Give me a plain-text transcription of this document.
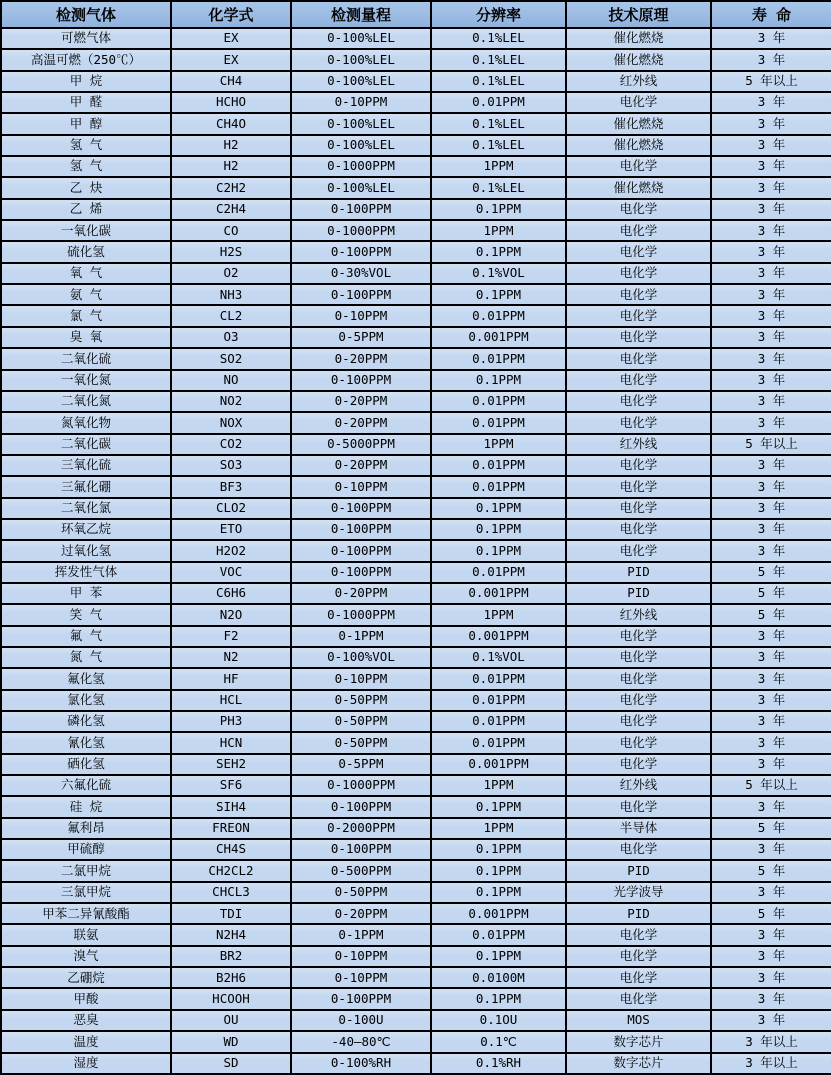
检测气体	化学式	检测量程	分辨率	技术原理	寿 命
可燃气体	EX	0-100%LEL	0.1%LEL	催化燃烧	3 年
高温可燃（250℃）	EX	0-100%LEL	0.1%LEL	催化燃烧	3 年
甲 烷	CH4	0-100%LEL	0.1%LEL	红外线	5 年以上
甲 醛	HCHO	0-10PPM	0.01PPM	电化学	3 年
甲 醇	CH4O	0-100%LEL	0.1%LEL	催化燃烧	3 年
氢 气	H2	0-100%LEL	0.1%LEL	催化燃烧	3 年
氢 气	H2	0-1000PPM	1PPM	电化学	3 年
乙 炔	C2H2	0-100%LEL	0.1%LEL	催化燃烧	3 年
乙 烯	C2H4	0-100PPM	0.1PPM	电化学	3 年
一氧化碳	CO	0-1000PPM	1PPM	电化学	3 年
硫化氢	H2S	0-100PPM	0.1PPM	电化学	3 年
氧 气	O2	0-30%VOL	0.1%VOL	电化学	3 年
氨 气	NH3	0-100PPM	0.1PPM	电化学	3 年
氯 气	CL2	0-10PPM	0.01PPM	电化学	3 年
臭 氧	O3	0-5PPM	0.001PPM	电化学	3 年
二氧化硫	SO2	0-20PPM	0.01PPM	电化学	3 年
一氧化氮	NO	0-100PPM	0.1PPM	电化学	3 年
二氧化氮	NO2	0-20PPM	0.01PPM	电化学	3 年
氮氧化物	NOX	0-20PPM	0.01PPM	电化学	3 年
二氧化碳	CO2	0-5000PPM	1PPM	红外线	5 年以上
三氧化硫	SO3	0-20PPM	0.01PPM	电化学	3 年
三氟化硼	BF3	0-10PPM	0.01PPM	电化学	3 年
二氧化氯	CLO2	0-100PPM	0.1PPM	电化学	3 年
环氧乙烷	ETO	0-100PPM	0.1PPM	电化学	3 年
过氧化氢	H2O2	0-100PPM	0.1PPM	电化学	3 年
挥发性气体	VOC	0-100PPM	0.01PPM	PID	5 年
甲 苯	C6H6	0-20PPM	0.001PPM	PID	5 年
笑 气	N2O	0-1000PPM	1PPM	红外线	5 年
氟 气	F2	0-1PPM	0.001PPM	电化学	3 年
氮 气	N2	0-100%VOL	0.1%VOL	电化学	3 年
氟化氢	HF	0-10PPM	0.01PPM	电化学	3 年
氯化氢	HCL	0-50PPM	0.01PPM	电化学	3 年
磷化氢	PH3	0-50PPM	0.01PPM	电化学	3 年
氰化氢	HCN	0-50PPM	0.01PPM	电化学	3 年
硒化氢	SEH2	0-5PPM	0.001PPM	电化学	3 年
六氟化硫	SF6	0-1000PPM	1PPM	红外线	5 年以上
硅 烷	SIH4	0-100PPM	0.1PPM	电化学	3 年
氟利昂	FREON	0-2000PPM	1PPM	半导体	5 年
甲硫醇	CH4S	0-100PPM	0.1PPM	电化学	3 年
二氯甲烷	CH2CL2	0-500PPM	0.1PPM	PID	5 年
三氯甲烷	CHCL3	0-50PPM	0.1PPM	光学波导	3 年
甲苯二异氰酸酯	TDI	0-20PPM	0.001PPM	PID	5 年
联氨	N2H4	0-1PPM	0.01PPM	电化学	3 年
溴气	BR2	0-10PPM	0.1PPM	电化学	3 年
乙硼烷	B2H6	0-10PPM	0.0100M	电化学	3 年
甲酸	HCOOH	0-100PPM	0.1PPM	电化学	3 年
恶臭	OU	0-100U	0.1OU	MOS	3 年
温度	WD	-40—80℃	0.1℃	数字芯片	3 年以上
湿度	SD	0-100%RH	0.1%RH	数字芯片	3 年以上
